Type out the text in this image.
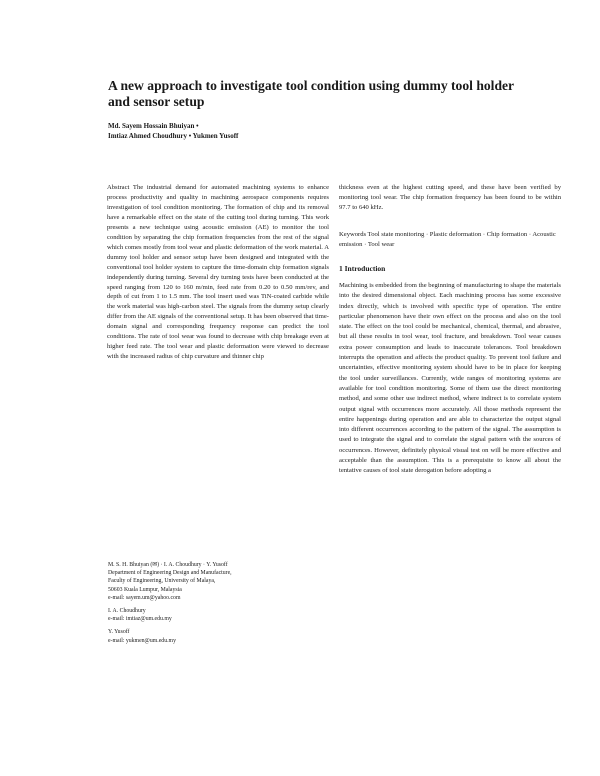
A new approach to investigate tool condition using dummy tool holder and sensor setup
Md. Sayem Hossain Bhuiyan •
Imtiaz Ahmed Choudhury • Yukmen Yusoff

Abstract The industrial demand for automated machining systems to enhance process productivity and quality in machining aerospace components requires investigation of tool condition monitoring. The formation of chip and its removal have a remarkable effect on the state of the cutting tool during turning. This work presents a new technique using acoustic emission (AE) to monitor the tool condition by separating the chip formation frequencies from the rest of the signal which comes mostly from tool wear and plastic deformation of the work material. A dummy tool holder and sensor setup have been designed and integrated with the conventional tool holder system to capture the time-domain chip formation signals independently during turning. Several dry turning tests have been conducted at the speed ranging from 120 to 160 m/min, feed rate from 0.20 to 0.50 mm/rev, and depth of cut from 1 to 1.5 mm. The tool insert used was TiN-coated carbide while the work material was high-carbon steel. The signals from the dummy setup clearly differ from the AE signals of the conventional setup. It has been observed that time-domain signal and corresponding frequency response can predict the tool conditions. The rate of tool wear was found to decrease with chip breakage even at higher feed rate. The tool wear and plastic deformation were viewed to decrease with the increased radius of chip curvature and thinner chip

thickness even at the highest cutting speed, and these have been verified by monitoring tool wear. The chip formation frequency has been found to be within 97.7 to 640 kHz.

Keywords Tool state monitoring · Plastic deformation · Chip formation · Acoustic emission · Tool wear
1 Introduction
Machining is embedded from the beginning of manufacturing to shape the materials into the desired dimensional object. Each machining process has some excessive index directly, which is involved with specific type of operation. The entire particular phenomenon have their own effect on the process and also on the tool state. The effect on the tool could be mechanical, chemical, thermal, and abrasive, but all these results in tool wear, tool fracture, and breakdown. Tool wear causes extra power consumption and leads to inaccurate tolerances. Tool breakdown interrupts the operation and affects the product quality. To prevent tool failure and uncertainties, effective monitoring system should have to be in place for keeping the tool under surveillances. Currently, wide ranges of monitoring systems are available for tool condition monitoring. Some of them use the direct monitoring method, and some other use indirect method, where indirect is to correlate system output signal with occurrences more accurately. All those methods represent the entire happenings during operation and are able to characterize the output signal into different occurrences according to the pattern of the signal. The assumption is used to integrate the signal and to correlate the signal pattern with the sources of occurrences. However, definitely physical visual test on will be more effective and acceptable than the assumption. This is a prerequisite to know all about the tentative causes of tool state derogation before adopting a
M. S. H. Bhuiyan (✉) · I. A. Choudhury · Y. Yusoff
Department of Engineering Design and Manufacture,
Faculty of Engineering, University of Malaya,
50603 Kuala Lumpur, Malaysia
e-mail: sayem.um@yahoo.com
I. A. Choudhury
e-mail: imtiaz@um.edu.my
Y. Yusoff
e-mail: yukmen@um.edu.my
